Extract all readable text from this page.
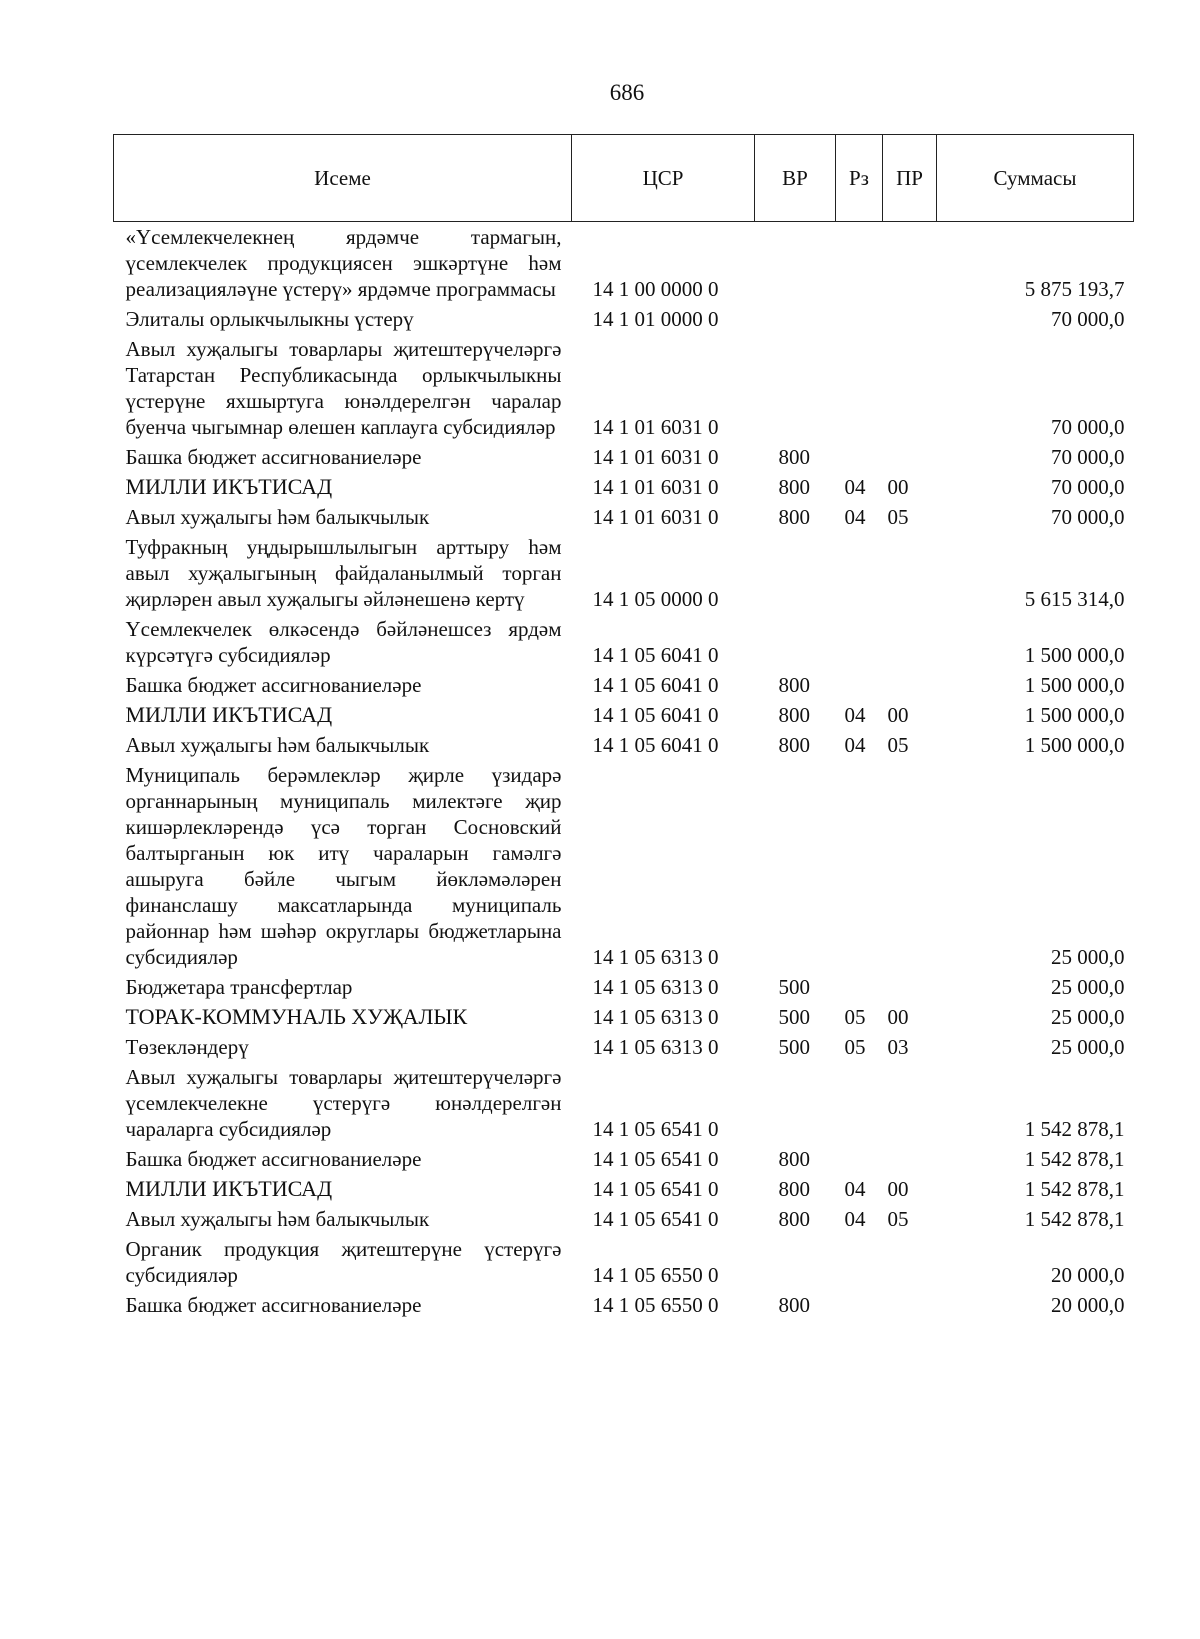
686
Исеме	ЦСР	ВР	Рз	ПР	Суммасы
«Үсемлекчелекнең ярдәмче тармагын, үсемлекчелек продукциясен эшкәртүне һәм реализацияләүне үстерү» ярдәмче программасы	14 1 00 0000 0				5 875 193,7
Элиталы орлыкчылыкны үстерү	14 1 01 0000 0				70 000,0
Авыл хуҗалыгы товарлары җитештерүчеләргә Татарстан Республикасында орлыкчылыкны үстерүне яхшыртуга юнәлдерелгән чаралар буенча чыгымнар өлешен каплауга субсидияләр	14 1 01 6031 0				70 000,0
Башка бюджет ассигнованиеләре	14 1 01 6031 0	800			70 000,0
МИЛЛИ ИКЪТИСАД	14 1 01 6031 0	800	04	00	70 000,0
Авыл хуҗалыгы һәм балыкчылык	14 1 01 6031 0	800	04	05	70 000,0
Туфракның уңдырышлылыгын арттыру һәм авыл хуҗалыгының файдаланылмый торган җирләрен авыл хуҗалыгы әйләнешенә кертү	14 1 05 0000 0				5 615 314,0
Үсемлекчелек өлкәсендә бәйләнешсез ярдәм күрсәтүгә субсидияләр	14 1 05 6041 0				1 500 000,0
Башка бюджет ассигнованиеләре	14 1 05 6041 0	800			1 500 000,0
МИЛЛИ ИКЪТИСАД	14 1 05 6041 0	800	04	00	1 500 000,0
Авыл хуҗалыгы һәм балыкчылык	14 1 05 6041 0	800	04	05	1 500 000,0
Муниципаль берәмлекләр җирле үзидарә органнарының муниципаль милектәге җир кишәрлекләрендә үсә торган Сосновский балтырганын юк итү чараларын гамәлгә ашыруга бәйле чыгым йөкләмәләрен финанслашу максатларында муниципаль районнар һәм шәһәр округлары бюджетларына субсидияләр	14 1 05 6313 0				25 000,0
Бюджетара трансфертлар	14 1 05 6313 0	500			25 000,0
ТОРАК-КОММУНАЛЬ ХУҖАЛЫК	14 1 05 6313 0	500	05	00	25 000,0
Төзекләндерү	14 1 05 6313 0	500	05	03	25 000,0
Авыл хуҗалыгы товарлары җитештерүчеләргә үсемлекчелекне үстерүгә юнәлдерелгән чараларга субсидияләр	14 1 05 6541 0				1 542 878,1
Башка бюджет ассигнованиеләре	14 1 05 6541 0	800			1 542 878,1
МИЛЛИ ИКЪТИСАД	14 1 05 6541 0	800	04	00	1 542 878,1
Авыл хуҗалыгы һәм балыкчылык	14 1 05 6541 0	800	04	05	1 542 878,1
Органик продукция җитештерүне үстерүгә субсидияләр	14 1 05 6550 0				20 000,0
Башка бюджет ассигнованиеләре	14 1 05 6550 0	800			20 000,0
